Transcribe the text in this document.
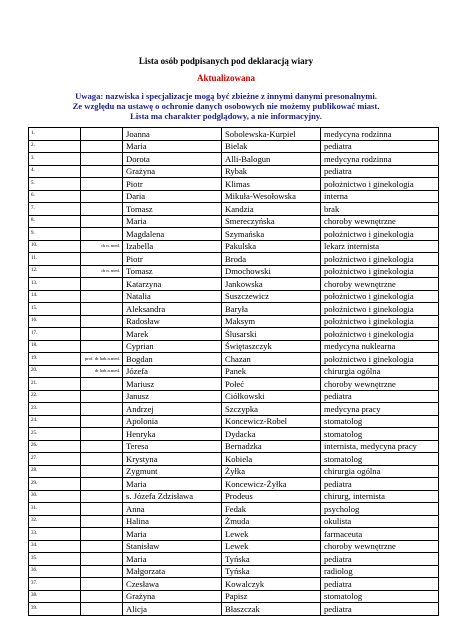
Lista osób podpisanych pod deklaracją wiary
Aktualizowana
Uwaga: nazwiska i specjalizacje mogą być zbieżne z innymi danymi presonalnymi.
Ze względu na ustawę o ochronie danych osobowych nie możemy publikować miast.
Lista ma charakter podglądowy, a nie informacyjny.
1.		Joanna	Sobolewska-Kurpiel	medycyna rodzinna
2.		Maria	Bielak	pediatra
3.		Dorota	Alli-Balogun	medycyna rodzinna
4.		Grażyna	Rybak	pediatra
5.		Piotr	Klimas	położnictwo i ginekologia
6.		Daria	Mikuła-Wesołowska	interna
7.		Tomasz	Kandzia	brak
8.		Maria	Smereczyńska	choroby wewnętrzne
9.		Magdalena	Szymańska	położnictwo i ginekologia
10.	dr n. med.	Izabella	Pakulska	lekarz internista
11.		Piotr	Broda	położnictwo i ginekologia
12.	dr n. med.	Tomasz	Dmochowski	położnictwo i ginekologia
13.		Katarzyna	Jankowska	choroby wewnętrzne
14.		Natalia	Suszczewicz	położnictwo i ginekologia
15.		Aleksandra	Baryła	położnictwo i ginekologia
16.		Radosław	Maksym	położnictwo i ginekologia
17.		Marek	Ślusarski	położnictwo i ginekologia
18.		Cyprian	Świętaszczyk	medycyna nuklearna
19.	prof. dr hab.n.med.	Bogdan	Chazan	położnictwo i ginekologia
20.	dr hab.n.med.	Józefa	Panek	chirurgia ogólna
21.		Mariusz	Połeć	choroby wewnętrzne
22.		Janusz	Ciółkowski	pediatra
23.		Andrzej	Szczypka	medycyna pracy
24.		Apolonia	Koncewicz-Robel	stomatolog
25.		Henryka	Dydacka	stomatolog
26.		Teresa	Bernadzka	internista, medycyna pracy
27.		Krystyna	Kobiela	stomatolog
28.		Zygmunt	Żyłka	chirurgia ogólna
29.		Maria	Koncewicz-Żyłka	pediatra
30.		s. Józefa Zdzisława	Prodeus	chirurg, internista
31.		Anna	Fedak	psycholog
32.		Halina	Żmuda	okulista
33.		Maria	Lewek	farmaceuta
34.		Stanisław	Lewek	choroby wewnętrzne
35.		Maria	Tyńska	pediatra
36.		Małgorzata	Tyńska	radiolog
37.		Czesława	Kowalczyk	pediatra
38.		Grażyna	Papisz	stomatolog
39.		Alicja	Błaszczak	pediatra
